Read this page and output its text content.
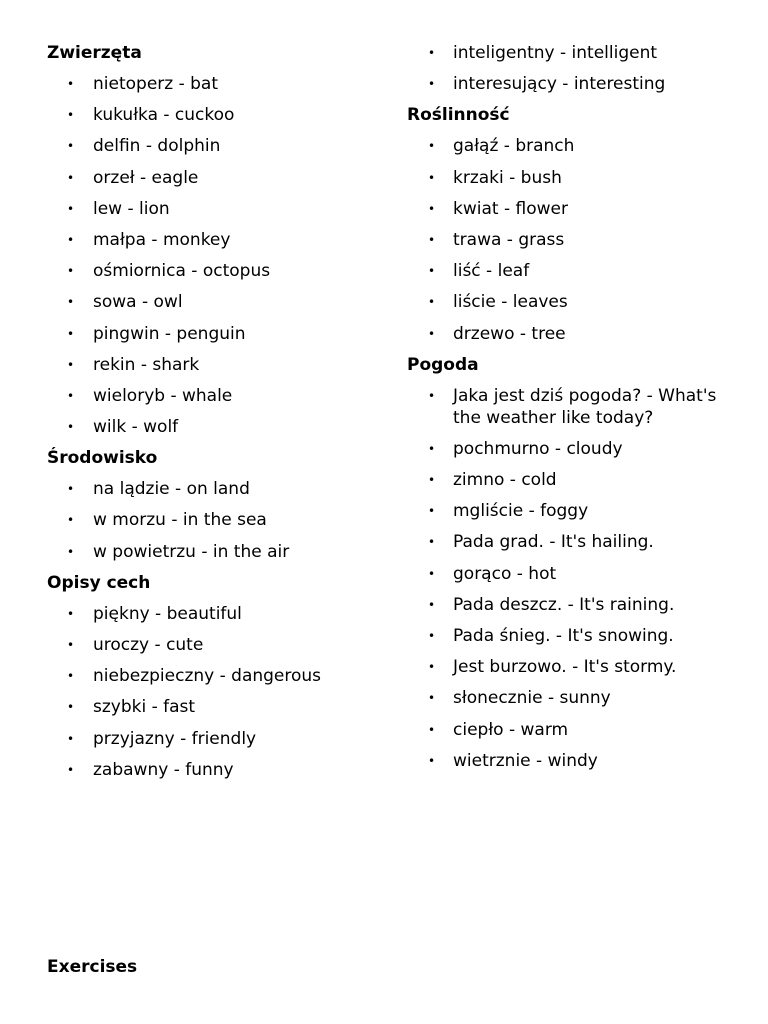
Zwierzęta
• nietoperz - bat
• kukułka - cuckoo
• delfin - dolphin
• orzeł - eagle
• lew - lion
• małpa - monkey
• ośmiornica - octopus
• sowa - owl
• pingwin - penguin
• rekin - shark
• wieloryb - whale
• wilk - wolf
Środowisko
• na lądzie - on land
• w morzu - in the sea
• w powietrzu - in the air
Opisy cech
• piękny - beautiful
• uroczy - cute
• niebezpieczny - dangerous
• szybki - fast
• przyjazny - friendly
• zabawny - funny
• inteligentny - intelligent
• interesujący - interesting
Roślinność
• gałąź - branch
• krzaki - bush
• kwiat - flower
• trawa - grass
• liść - leaf
• liście - leaves
• drzewo - tree
Pogoda
• Jaka jest dziś pogoda? - What's the weather like today?
• pochmurno - cloudy
• zimno - cold
• mgliście - foggy
• Pada grad. - It's hailing.
• gorąco - hot
• Pada deszcz. - It's raining.
• Pada śnieg. - It's snowing.
• Jest burzowo. - It's stormy.
• słonecznie - sunny
• ciepło - warm
• wietrznie - windy
Exercises
